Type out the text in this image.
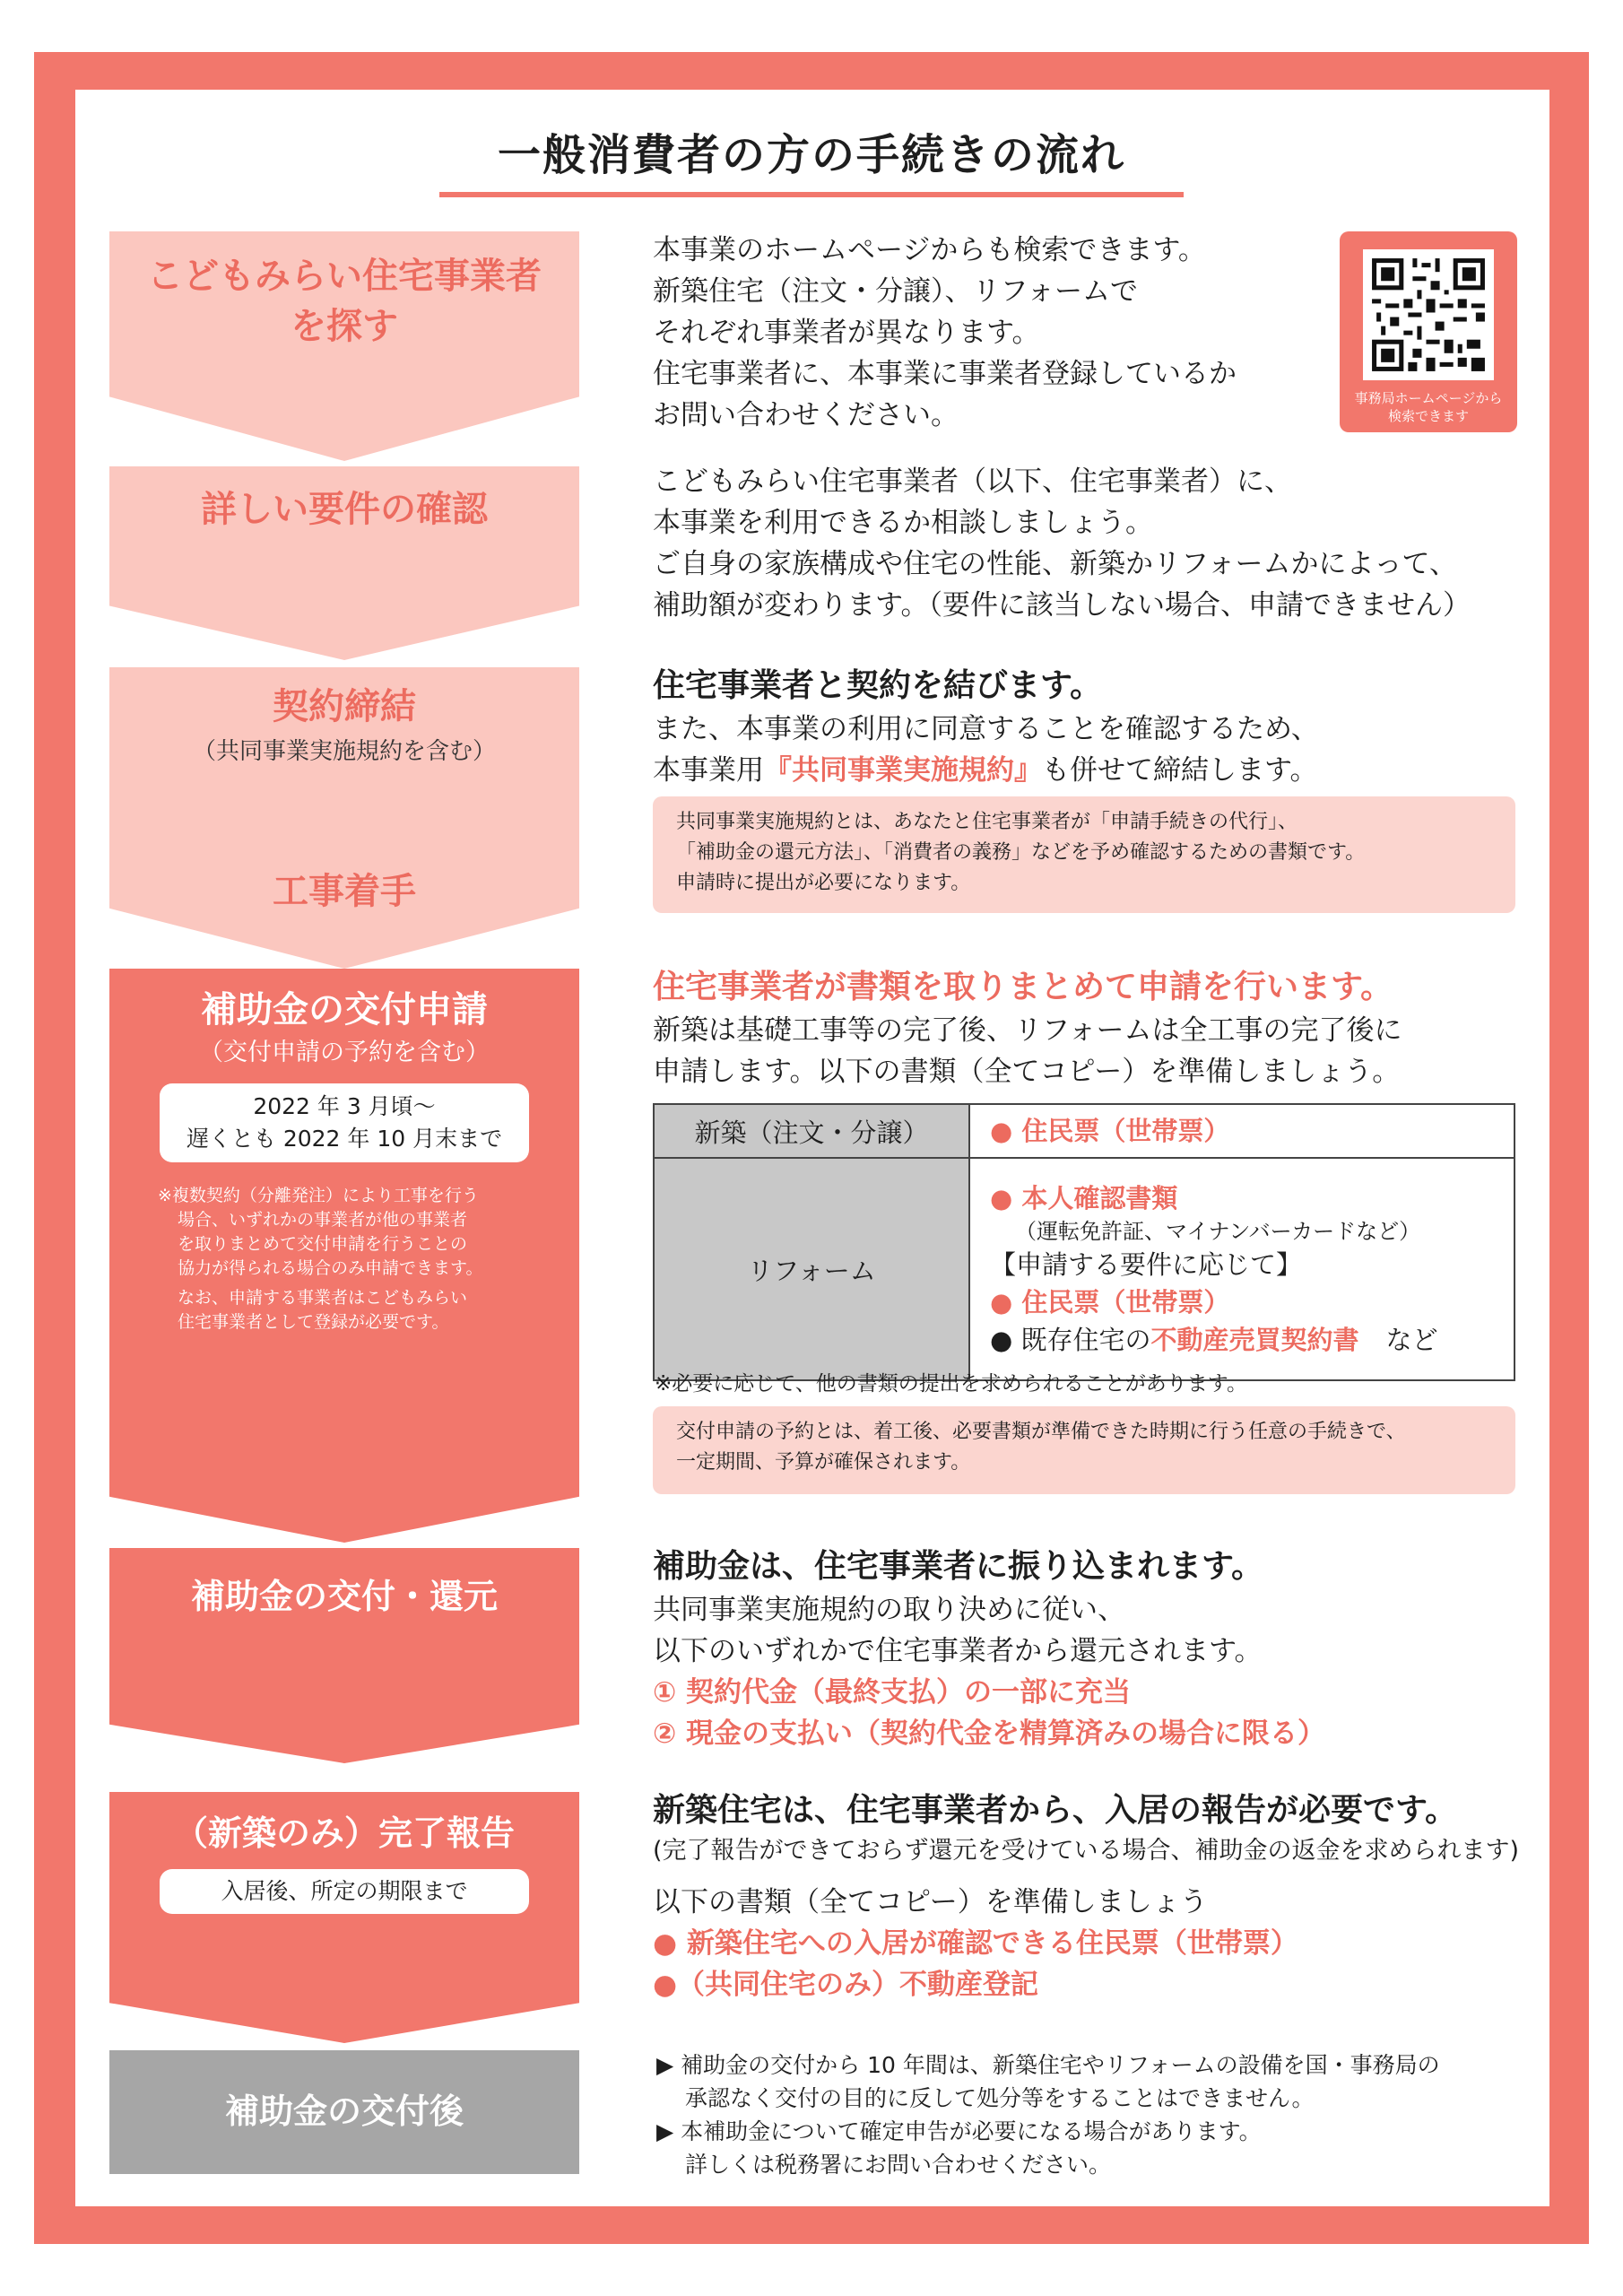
一般消費者の方の手続きの流れ
こどもみらい住宅事業者
を探す
詳しい要件の確認
契約締結
（共同事業実施規約を含む）
工事着手
補助金の交付申請
（交付申請の予約を含む）
2022 年 3 月頃〜
遅くとも 2022 年 10 月末まで
※複数契約（分離発注）により工事を行う
場合、いずれかの事業者が他の事業者
を取りまとめて交付申請を行うことの
協力が得られる場合のみ申請できます。
なお、申請する事業者はこどもみらい
住宅事業者として登録が必要です。
補助金の交付・還元
（新築のみ）完了報告
入居後、所定の期限まで
補助金の交付後
本事業のホームページからも検索できます。
新築住宅（注文・分譲）、リフォームで
それぞれ事業者が異なります。
住宅事業者に、本事業に事業者登録しているか
お問い合わせください。
事務局ホームページから
検索できます
こどもみらい住宅事業者（以下、住宅事業者）に、
本事業を利用できるか相談しましょう。
ご自身の家族構成や住宅の性能、新築かリフォームかによって、
補助額が変わります。（要件に該当しない場合、申請できません）
住宅事業者と契約を結びます。
また、本事業の利用に同意することを確認するため、
本事業用『共同事業実施規約』も併せて締結します。
共同事業実施規約とは、あなたと住宅事業者が「申請手続きの代行」、
「補助金の還元方法」、「消費者の義務」などを予め確認するための書類です。
申請時に提出が必要になります。
住宅事業者が書類を取りまとめて申請を行います。
新築は基礎工事等の完了後、リフォームは全工事の完了後に
申請します。以下の書類（全てコピー）を準備しましょう。
新築（注文・分譲）	● 住民票（世帯票）
リフォーム	● 本人確認書類
（運転免許証、マイナンバーカードなど）
【申請する要件に応じて】
● 住民票（世帯票）
● 既存住宅の不動産売買契約書 など
※必要に応じて、他の書類の提出を求められることがあります。
交付申請の予約とは、着工後、必要書類が準備できた時期に行う任意の手続きで、
一定期間、予算が確保されます。
補助金は、住宅事業者に振り込まれます。
共同事業実施規約の取り決めに従い、
以下のいずれかで住宅事業者から還元されます。
① 契約代金（最終支払）の一部に充当
② 現金の支払い（契約代金を精算済みの場合に限る）
新築住宅は、住宅事業者から、入居の報告が必要です。
(完了報告ができておらず還元を受けている場合、補助金の返金を求められます)
以下の書類（全てコピー）を準備しましょう
● 新築住宅への入居が確認できる住民票（世帯票）
●（共同住宅のみ）不動産登記
▶ 補助金の交付から 10 年間は、新築住宅やリフォームの設備を国・事務局の
承認なく交付の目的に反して処分等をすることはできません。
▶ 本補助金について確定申告が必要になる場合があります。
詳しくは税務署にお問い合わせください。
